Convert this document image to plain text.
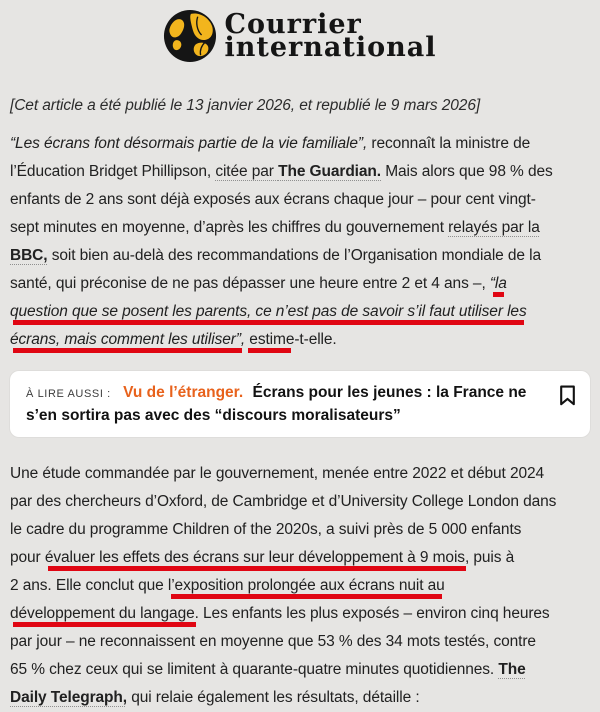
Courrier
international

[Cet article a été publié le 13 janvier 2026, et republié le 9 mars 2026]

“Les écrans font désormais partie de la vie familiale”, reconnaît la ministre de
l’Éducation Bridget Phillipson, citée par The Guardian. Mais alors que 98 % des
enfants de 2 ans sont déjà exposés aux écrans chaque jour – pour cent vingt-
sept minutes en moyenne, d’après les chiffres du gouvernement relayés par la
BBC, soit bien au-delà des recommandations de l’Organisation mondiale de la
santé, qui préconise de ne pas dépasser une heure entre 2 et 4 ans –, “la
question que se posent les parents, ce n’est pas de savoir s’il faut utiliser les
écrans, mais comment les utiliser”, estime-t-elle.

À LIRE AUSSI : Vu de l’étranger. Écrans pour les jeunes : la France ne s’en sortira pas avec des “discours moralisateurs”

Une étude commandée par le gouvernement, menée entre 2022 et début 2024
par des chercheurs d’Oxford, de Cambridge et d’University College London dans
le cadre du programme Children of the 2020s, a suivi près de 5 000 enfants
pour évaluer les effets des écrans sur leur développement à 9 mois, puis à
2 ans. Elle conclut que l’exposition prolongée aux écrans nuit au
développement du langage. Les enfants les plus exposés – environ cinq heures
par jour – ne reconnaissent en moyenne que 53 % des 34 mots testés, contre
65 % chez ceux qui se limitent à quarante-quatre minutes quotidiennes. The
Daily Telegraph, qui relaie également les résultats, détaille :
